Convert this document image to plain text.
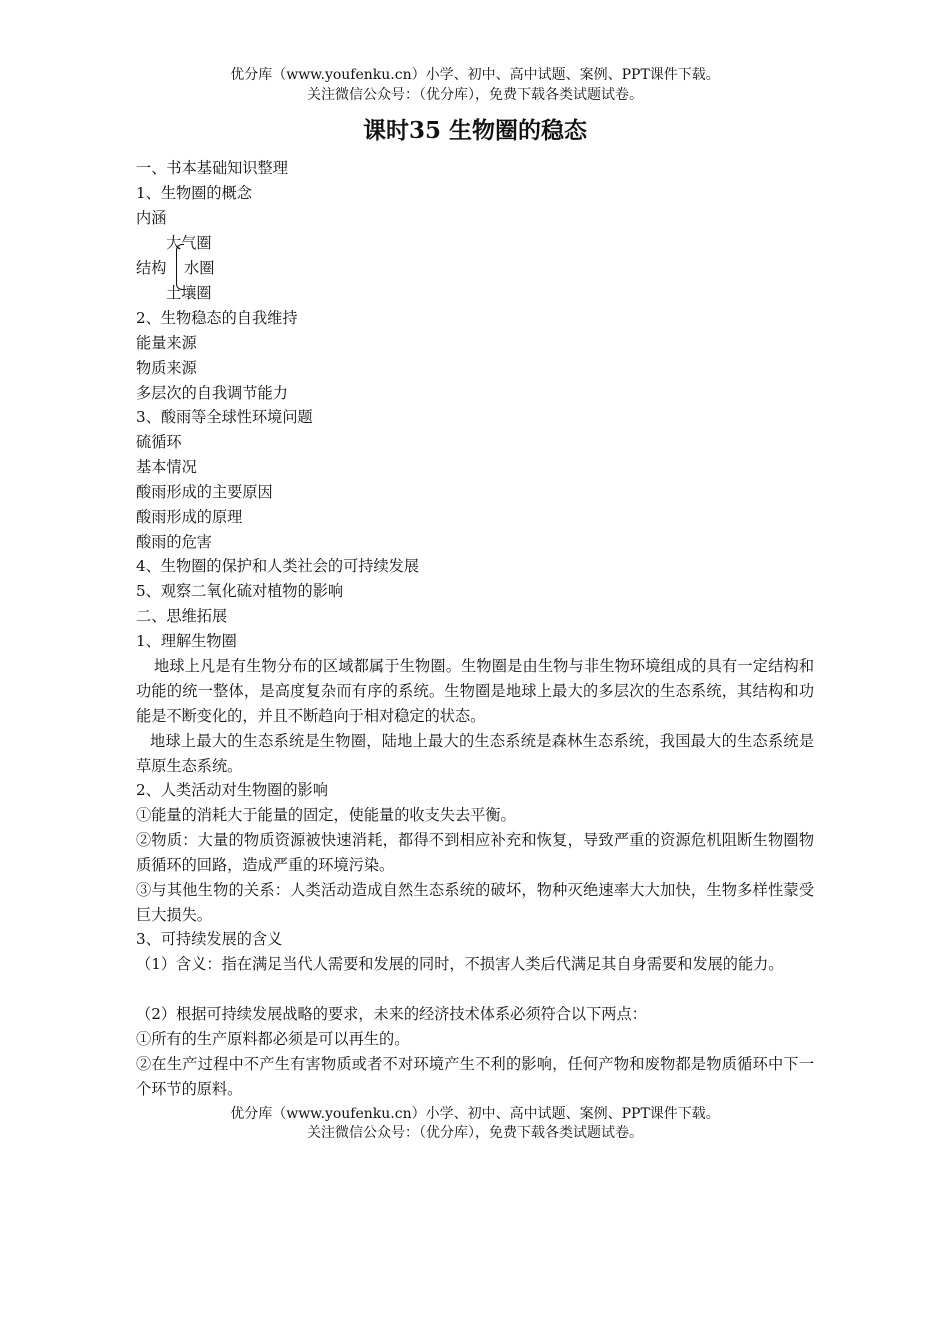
优分库（www.youfenku.cn）小学、初中、高中试题、案例、PPT课件下载。
关注微信公众号：（优分库），免费下载各类试题试卷。
课时35 生物圈的稳态
一、书本基础知识整理
1、生物圈的概念
内涵
大气圈
结构 水圈
土壤圈
2、生物稳态的自我维持
能量来源
物质来源
多层次的自我调节能力
3、酸雨等全球性环境问题
硫循环
基本情况
酸雨形成的主要原因
酸雨形成的原理
酸雨的危害
4、生物圈的保护和人类社会的可持续发展
5、观察二氧化硫对植物的影响
二、思维拓展
1、理解生物圈
地球上凡是有生物分布的区域都属于生物圈。生物圈是由生物与非生物环境组成的具有一定结构和功能的统一整体，是高度复杂而有序的系统。生物圈是地球上最大的多层次的生态系统，其结构和功能是不断变化的，并且不断趋向于相对稳定的状态。
地球上最大的生态系统是生物圈，陆地上最大的生态系统是森林生态系统，我国最大的生态系统是草原生态系统。
2、人类活动对生物圈的影响
①能量的消耗大于能量的固定，使能量的收支失去平衡。
②物质：大量的物质资源被快速消耗，都得不到相应补充和恢复，导致严重的资源危机阻断生物圈物质循环的回路，造成严重的环境污染。
③与其他生物的关系：人类活动造成自然生态系统的破坏，物种灭绝速率大大加快，生物多样性蒙受巨大损失。
3、可持续发展的含义
（1）含义：指在满足当代人需要和发展的同时，不损害人类后代满足其自身需要和发展的能力。
（2）根据可持续发展战略的要求，未来的经济技术体系必须符合以下两点：
①所有的生产原料都必须是可以再生的。
②在生产过程中不产生有害物质或者不对环境产生不利的影响，任何产物和废物都是物质循环中下一个环节的原料。
优分库（www.youfenku.cn）小学、初中、高中试题、案例、PPT课件下载。
关注微信公众号：（优分库），免费下载各类试题试卷。
